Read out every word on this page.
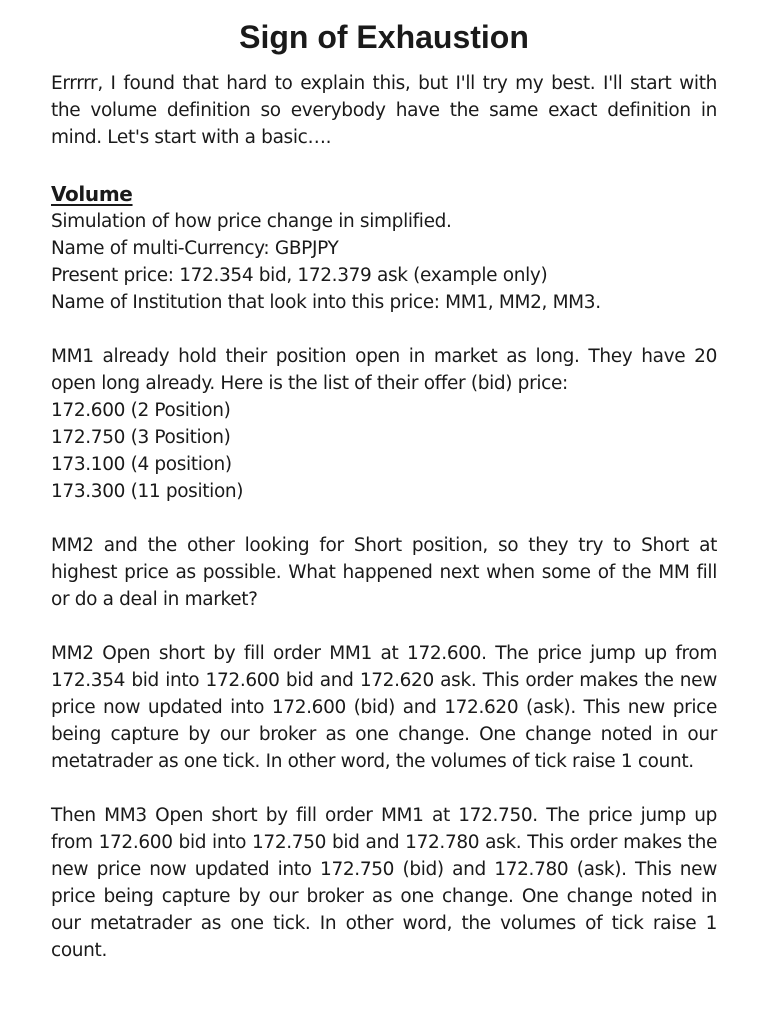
Sign of Exhaustion

Errrrr, I found that hard to explain this, but I'll try my best. I'll start with the volume definition so everybody have the same exact definition in mind. Let's start with a basic….

Volume
Simulation of how price change in simplified.
Name of multi-Currency: GBPJPY
Present price: 172.354 bid, 172.379 ask (example only)
Name of Institution that look into this price: MM1, MM2, MM3.

MM1 already hold their position open in market as long. They have 20 open long already. Here is the list of their offer (bid) price:

172.600 (2 Position)
172.750 (3 Position)
173.100 (4 position)
173.300 (11 position)

MM2 and the other looking for Short position, so they try to Short at highest price as possible. What happened next when some of the MM fill or do a deal in market?

MM2 Open short by fill order MM1 at 172.600. The price jump up from 172.354 bid into 172.600 bid and 172.620 ask. This order makes the new price now updated into 172.600 (bid) and 172.620 (ask). This new price being capture by our broker as one change. One change noted in our metatrader as one tick. In other word, the volumes of tick raise 1 count.

Then MM3 Open short by fill order MM1 at 172.750. The price jump up from 172.600 bid into 172.750 bid and 172.780 ask. This order makes the new price now updated into 172.750 (bid) and 172.780 (ask). This new price being capture by our broker as one change. One change noted in our metatrader as one tick. In other word, the volumes of tick raise 1 count.
